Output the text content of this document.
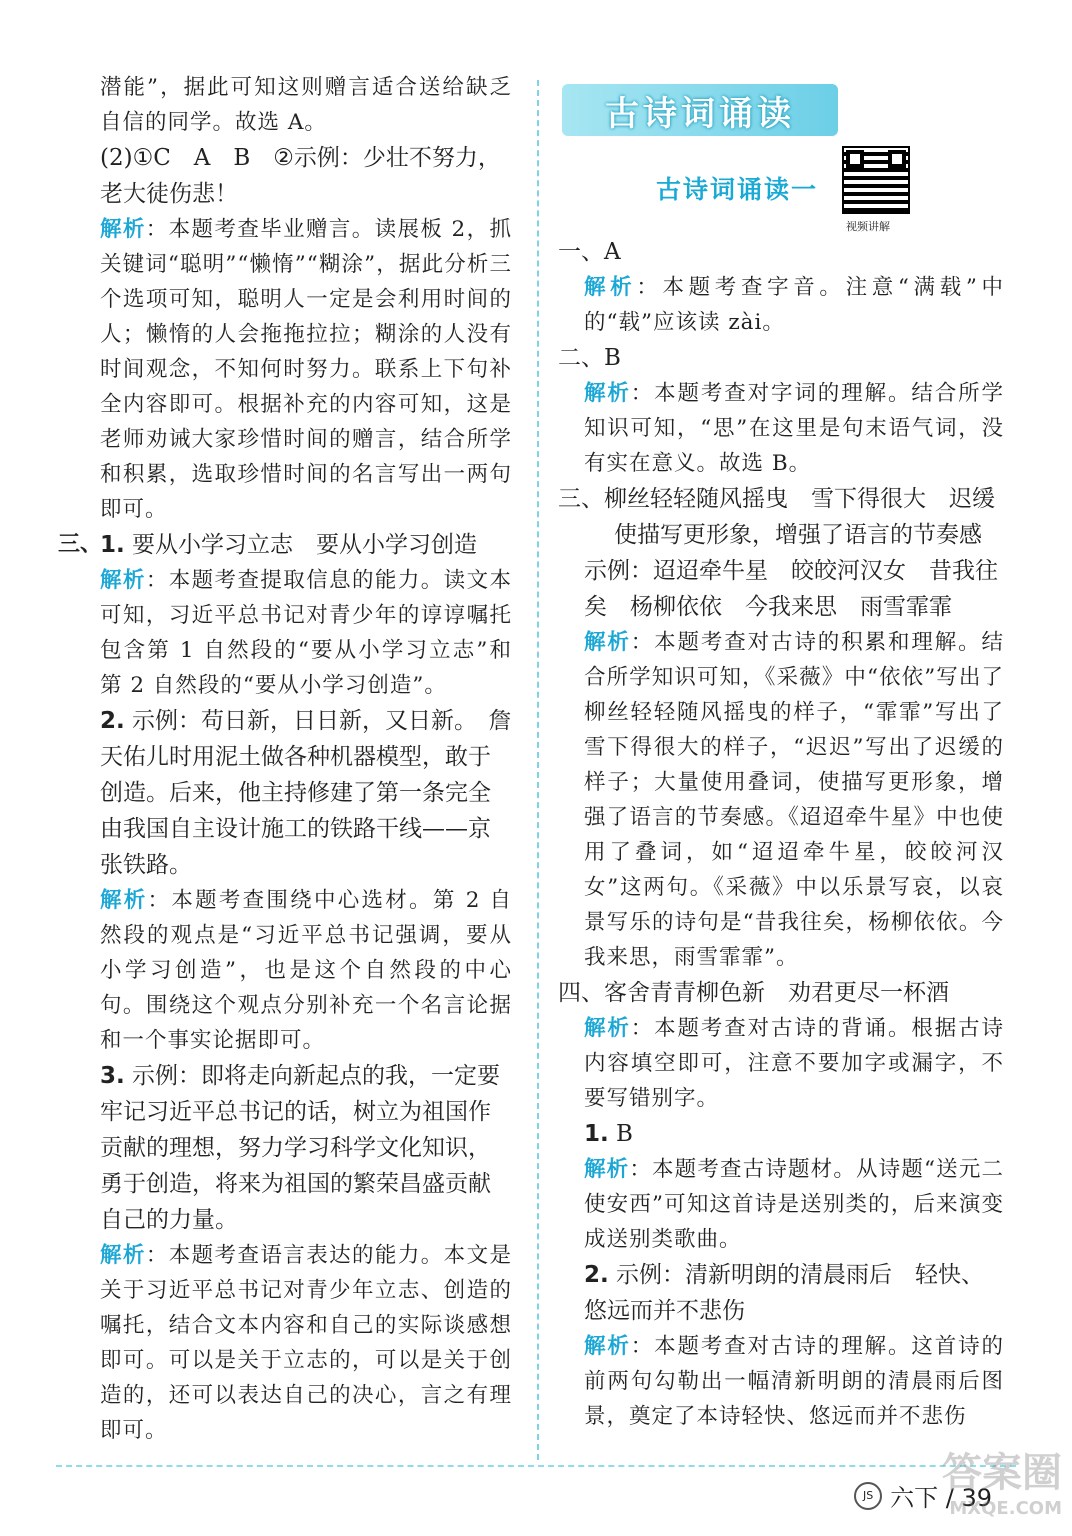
潜能”，据此可知这则赠言适合送给缺乏自信的同学。故选 A。

(2)①C　A　B　②示例：少壮不努力，老大徒伤悲！

解析：本题考查毕业赠言。读展板 2，抓关键词“聪明”“懒惰”“糊涂”，据此分析三个选项可知，聪明人一定是会利用时间的人；懒惰的人会拖拖拉拉；糊涂的人没有时间观念，不知何时努力。联系上下句补全内容即可。根据补充的内容可知，这是老师劝诫大家珍惜时间的赠言，结合所学和积累，选取珍惜时间的名言写出一两句即可。

三、

1. 要从小学习立志　要从小学习创造

解析：本题考查提取信息的能力。读文本可知，习近平总书记对青少年的谆谆嘱托包含第 1 自然段的“要从小学习立志”和第 2 自然段的“要从小学习创造”。

2. 示例：苟日新，日日新，又日新。　詹天佑儿时用泥土做各种机器模型，敢于创造。后来，他主持修建了第一条完全由我国自主设计施工的铁路干线——京张铁路。

解析：本题考查围绕中心选材。第 2 自然段的观点是“习近平总书记强调，要从小学习创造”，也是这个自然段的中心句。围绕这个观点分别补充一个名言论据和一个事实论据即可。

3. 示例：即将走向新起点的我，一定要牢记习近平总书记的话，树立为祖国作贡献的理想，努力学习科学文化知识，勇于创造，将来为祖国的繁荣昌盛贡献自己的力量。

解析：本题考查语言表达的能力。本文是关于习近平总书记对青少年立志、创造的嘱托，结合文本内容和自己的实际谈感想即可。可以是关于立志的，可以是关于创造的，还可以表达自己的决心，言之有理即可。

古诗词诵读
古诗词诵读一
视频讲解

一、A

解析：本题考查字音。注意“满载”中的“载”应该读 zài。

二、B

解析：本题考查对字词的理解。结合所学知识可知，“思”在这里是句末语气词，没有实在意义。故选 B。

三、柳丝轻轻随风摇曳　雪下得很大　迟缓

使描写更形象，增强了语言的节奏感

示例：迢迢牵牛星　皎皎河汉女　昔我往矣　杨柳依依　今我来思　雨雪霏霏

解析：本题考查对古诗的积累和理解。结合所学知识可知，《采薇》中“依依”写出了柳丝轻轻随风摇曳的样子，“霏霏”写出了雪下得很大的样子，“迟迟”写出了迟缓的样子；大量使用叠词，使描写更形象，增强了语言的节奏感。《迢迢牵牛星》中也使用了叠词，如“迢迢牵牛星，皎皎河汉女”这两句。《采薇》中以乐景写哀，以哀景写乐的诗句是“昔我往矣，杨柳依依。今我来思，雨雪霏霏”。

四、客舍青青柳色新　劝君更尽一杯酒

解析：本题考查对古诗的背诵。根据古诗内容填空即可，注意不要加字或漏字，不要写错别字。

1. B

解析：本题考查古诗题材。从诗题“送元二使安西”可知这首诗是送别类的，后来演变成送别类歌曲。

2. 示例：清新明朗的清晨雨后　轻快、悠远而并不悲伤

解析：本题考查对古诗的理解。这首诗的前两句勾勒出一幅清新明朗的清晨雨后图景，奠定了本诗轻快、悠远而并不悲伤

JS 六下 / 39
答案圈
MXQE.COM
